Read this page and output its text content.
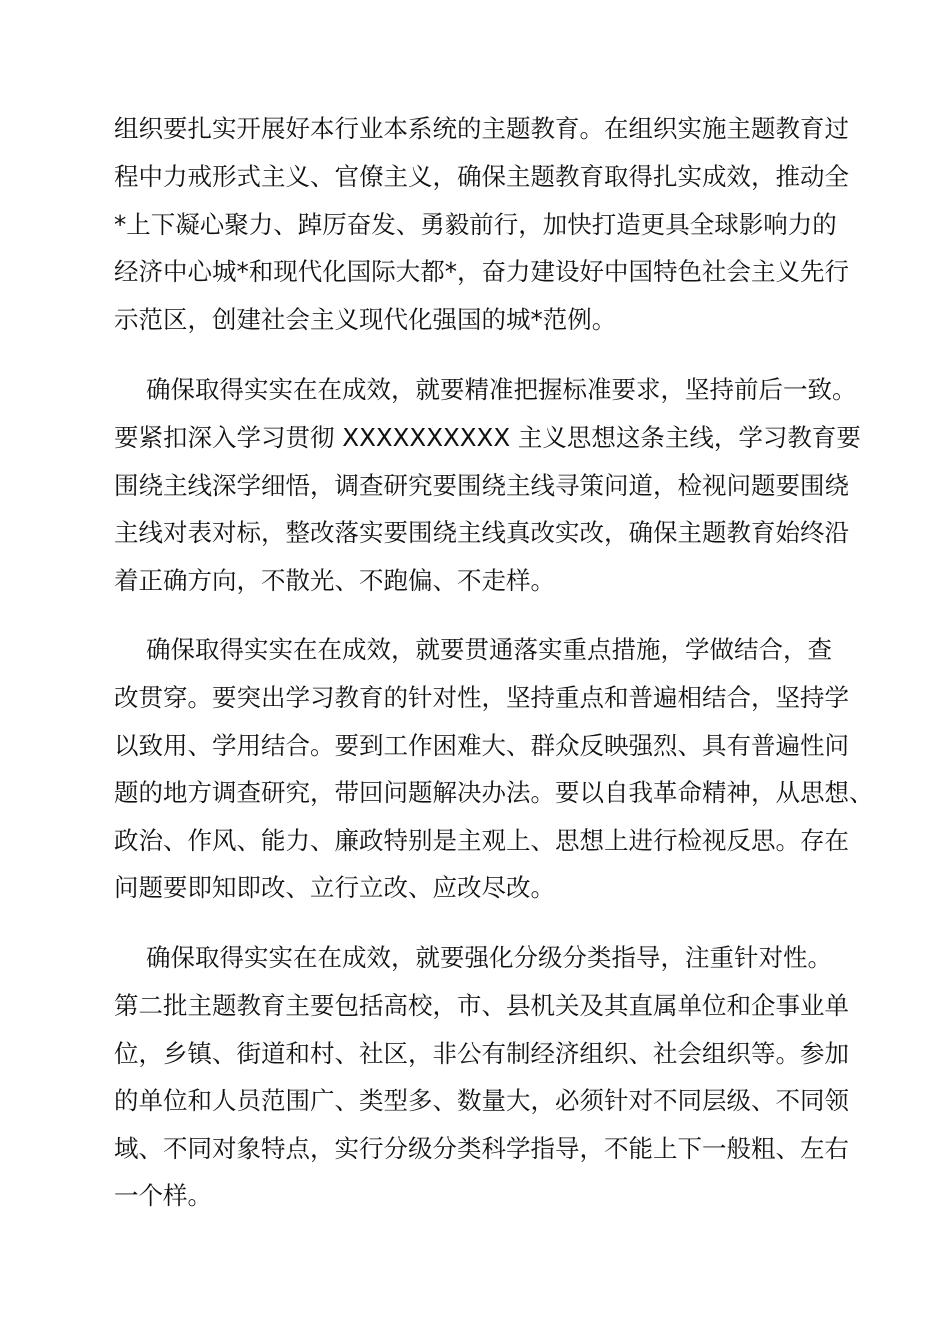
组织要扎实开展好本行业本系统的主题教育。在组织实施主题教育过

程中力戒形式主义、官僚主义，确保主题教育取得扎实成效，推动全

*上下凝心聚力、踔厉奋发、勇毅前行，加快打造更具全球影响力的

经济中心城*和现代化国际大都*，奋力建设好中国特色社会主义先行

示范区，创建社会主义现代化强国的城*范例。

确保取得实实在在成效，就要精准把握标准要求，坚持前后一致。

要紧扣深入学习贯彻 XXXXXXXXXX 主义思想这条主线，学习教育要

围绕主线深学细悟，调查研究要围绕主线寻策问道，检视问题要围绕

主线对表对标，整改落实要围绕主线真改实改，确保主题教育始终沿

着正确方向，不散光、不跑偏、不走样。

确保取得实实在在成效，就要贯通落实重点措施，学做结合，查

改贯穿。要突出学习教育的针对性，坚持重点和普遍相结合，坚持学

以致用、学用结合。要到工作困难大、群众反映强烈、具有普遍性问

题的地方调查研究，带回问题解决办法。要以自我革命精神，从思想、

政治、作风、能力、廉政特别是主观上、思想上进行检视反思。存在

问题要即知即改、立行立改、应改尽改。

确保取得实实在在成效，就要强化分级分类指导，注重针对性。

第二批主题教育主要包括高校，市、县机关及其直属单位和企事业单

位，乡镇、街道和村、社区，非公有制经济组织、社会组织等。参加

的单位和人员范围广、类型多、数量大，必须针对不同层级、不同领

域、不同对象特点，实行分级分类科学指导，不能上下一般粗、左右

一个样。
